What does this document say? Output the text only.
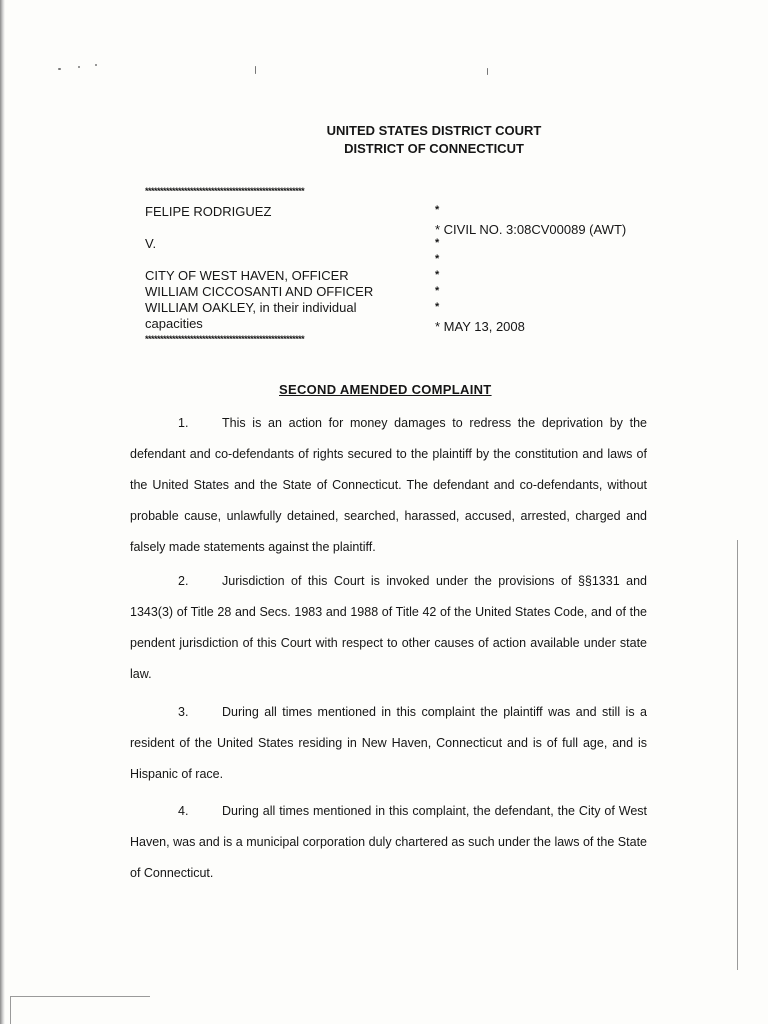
UNITED STATES DISTRICT COURT
DISTRICT OF CONNECTICUT
*****************************************************
FELIPE RODRIGUEZ
V.
CITY OF WEST HAVEN, OFFICER
WILLIAM CICCOSANTI AND OFFICER
WILLIAM OAKLEY, in their individual
capacities
*
*
*
*
*
*
* CIVIL NO. 3:08CV00089 (AWT)
* MAY 13, 2008
*****************************************************
SECOND AMENDED COMPLAINT
1.	This is an action for money damages to redress the deprivation by the defendant and co-defendants of rights secured to the plaintiff by the constitution and laws of the United States and the State of Connecticut. The defendant and co-defendants, without probable cause, unlawfully detained, searched, harassed, accused, arrested, charged and falsely made statements against the plaintiff.
2.	Jurisdiction of this Court is invoked under the provisions of §§1331 and 1343(3) of Title 28 and Secs. 1983 and 1988 of Title 42 of the United States Code, and of the pendent jurisdiction of this Court with respect to other causes of action available under state law.
3.	During all times mentioned in this complaint the plaintiff was and still is a resident of the United States residing in New Haven, Connecticut and is of full age, and is Hispanic of race.
4.	During all times mentioned in this complaint, the defendant, the City of West Haven, was and is a municipal corporation duly chartered as such under the laws of the State of Connecticut.
